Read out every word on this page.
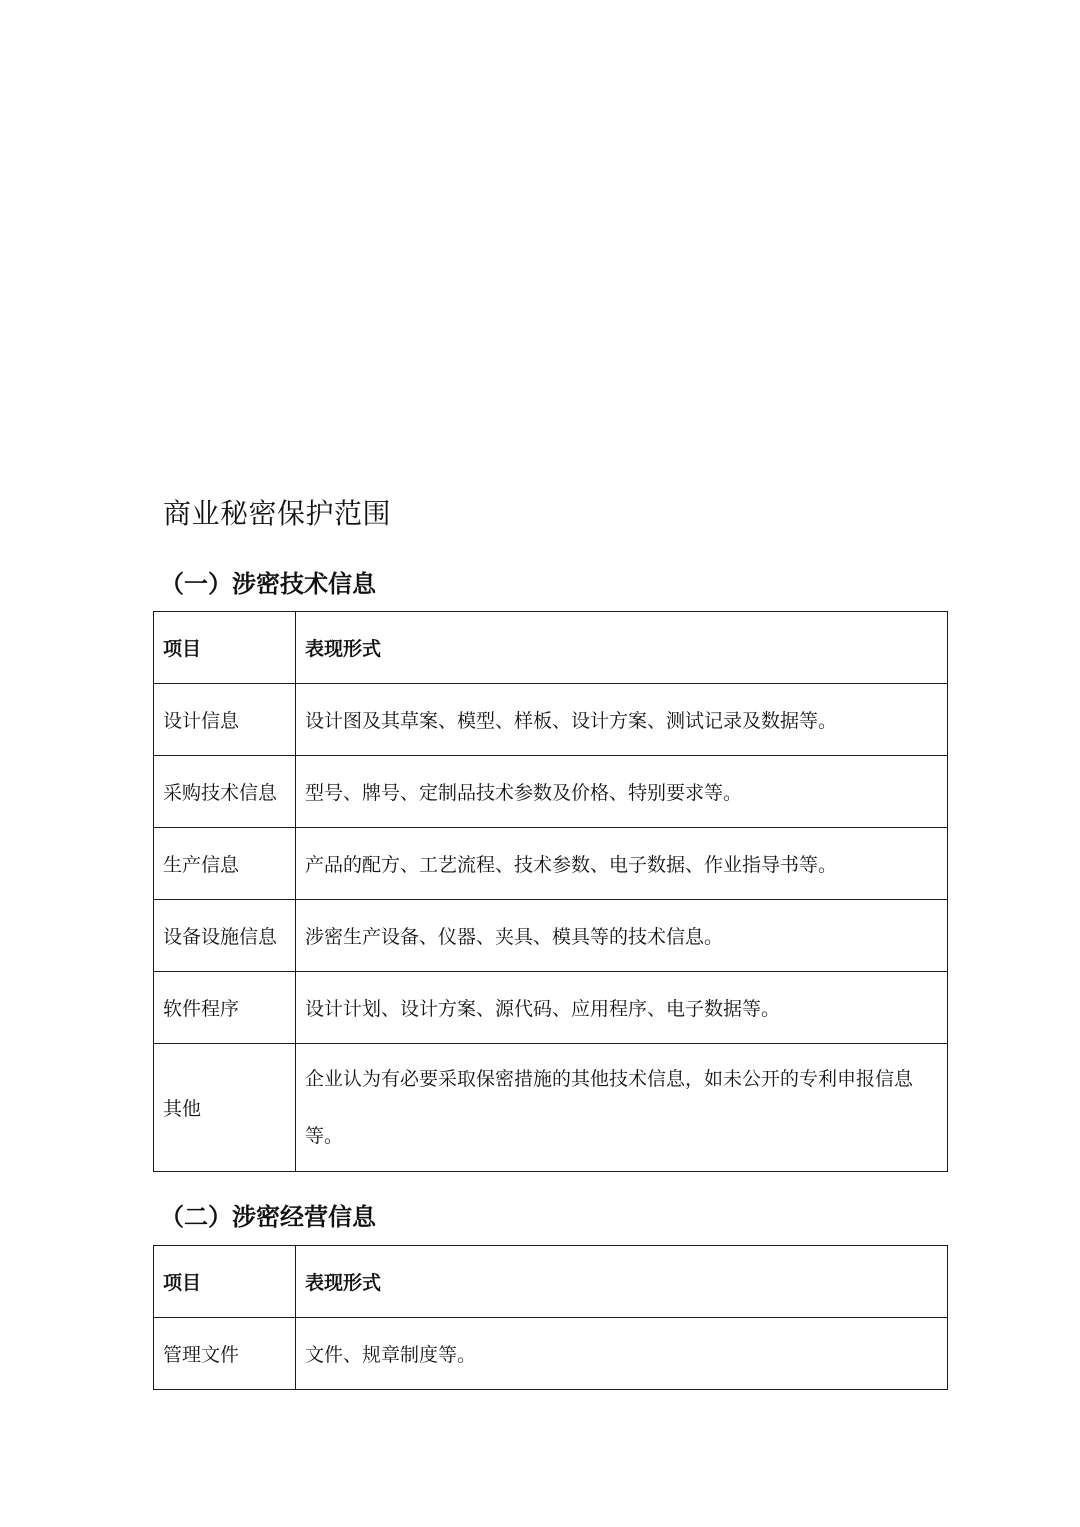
商业秘密保护范围
（一）涉密技术信息
项目	表现形式
设计信息	设计图及其草案、模型、样板、设计方案、测试记录及数据等。
采购技术信息	型号、牌号、定制品技术参数及价格、特别要求等。
生产信息	产品的配方、工艺流程、技术参数、电子数据、作业指导书等。
设备设施信息	涉密生产设备、仪器、夹具、模具等的技术信息。
软件程序	设计计划、设计方案、源代码、应用程序、电子数据等。
其他	企业认为有必要采取保密措施的其他技术信息，如未公开的专利申报信息等。
（二）涉密经营信息
项目	表现形式
管理文件	文件、规章制度等。
